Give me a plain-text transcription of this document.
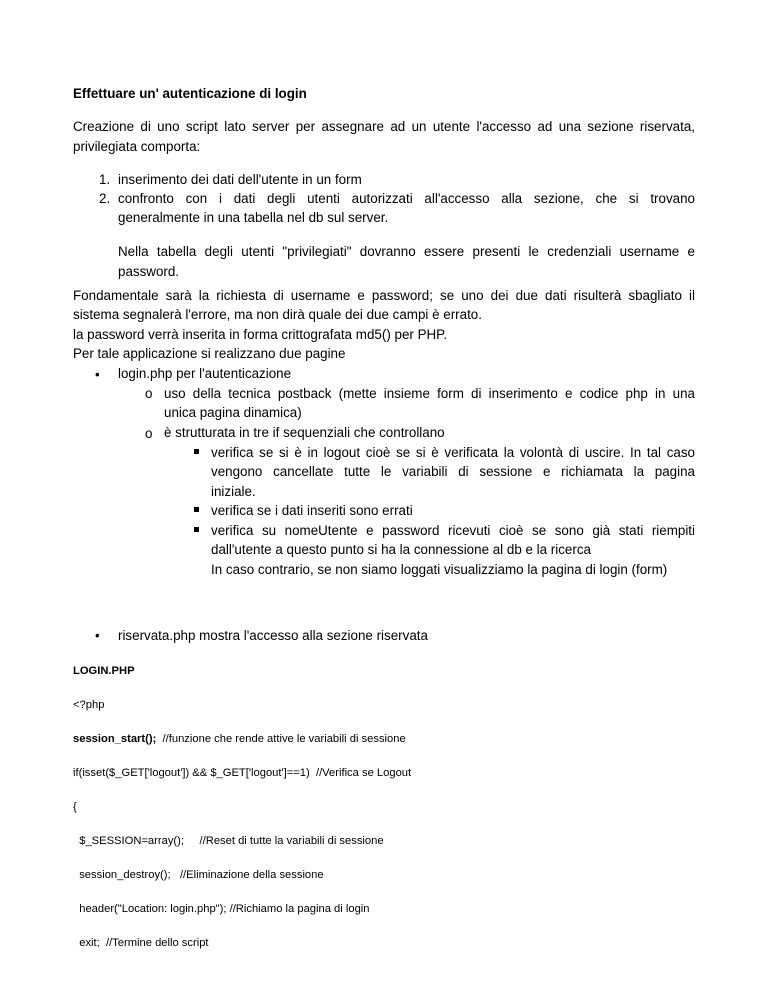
Effettuare un' autenticazione di login
Creazione di uno script lato server per assegnare ad un utente l'accesso ad una sezione riservata,
privilegiata comporta:
1. inserimento dei dati dell'utente in un form
2. confronto con i dati degli utenti autorizzati all'accesso alla sezione, che si trovano
generalmente in una tabella nel db sul server.
Nella tabella degli utenti "privilegiati" dovranno essere presenti le credenziali username e
password.
Fondamentale sarà la richiesta di username e password; se uno dei due dati risulterà sbagliato il
sistema segnalerà l'errore, ma non dirà quale dei due campi è errato.
la password verrà inserita in forma crittografata md5() per PHP.
Per tale applicazione si realizzano due pagine
• login.php per l'autenticazione
o uso della tecnica postback (mette insieme form di inserimento e codice php in una
unica pagina dinamica)
o è strutturata in tre if sequenziali che controllano
verifica se si è in logout cioè se si è verificata la volontà di uscire. In tal caso
vengono cancellate tutte le variabili di sessione e richiamata la pagina
iniziale.
verifica se i dati inseriti sono errati
verifica su nomeUtente e password ricevuti cioè se sono già stati riempiti
dall'utente a questo punto si ha la connessione al db e la ricerca
In caso contrario, se non siamo loggati visualizziamo la pagina di login (form)
• riservata.php mostra l'accesso alla sezione riservata
LOGIN.PHP
<?php
session_start();  //funzione che rende attive le variabili di sessione
if(isset($_GET['logout']) && $_GET['logout']==1)  //Verifica se Logout
{
$_SESSION=array();     //Reset di tutte la variabili di sessione
session_destroy();   //Eliminazione della sessione
header("Location: login.php"); //Richiamo la pagina di login
exit;  //Termine dello script
